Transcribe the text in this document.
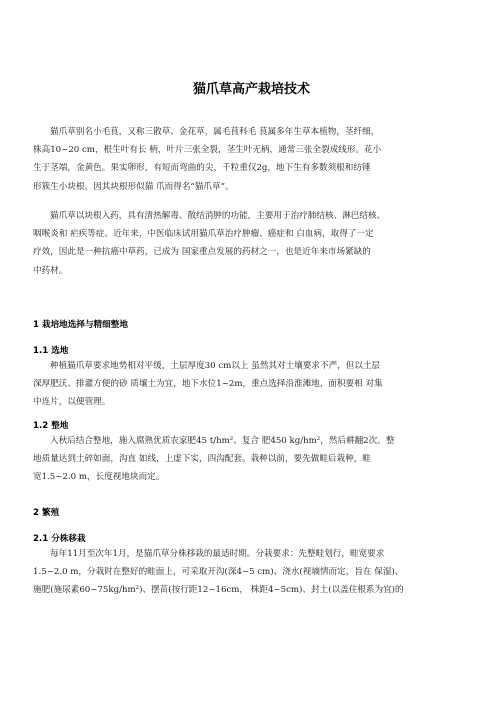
猫爪草高产栽培技术
猫爪草别名小毛茛，又称三散草、金花草，属毛茛科毛 茛属多年生草本植物，茎纤细，
株高10~20 cm，根生叶有长 柄，叶片三张全裂，茎生叶无柄，通常三张全裂成线形。花小
生于茎端，金黄色。果实卵形，有短而弯曲的尖，千粒重仅2g，地下生有多数须根和纺锤
形簇生小块根，因其块根形似猫 爪而得名“猫爪草”。
猫爪草以块根入药，具有清热解毒、散结消肿的功能，主要用于治疗肺结核、淋巴结核、
咽喉炎和 疟疾等症。近年来，中医临床试用猫爪草治疗肿瘤、癌症和 白血病，取得了一定
疗效，因此是一种抗癌中草药，已成为 国家重点发展的药材之一，也是近年来市场紧缺的
中药材。
1 栽培地选择与精细整地
1.1 选地
种植猫爪草要求地势相对平缓，土层厚度30 cm以上 虽然其对土壤要求不严，但以土层
深厚肥沃、排灌方便的砂 质壤土为宜，地下水位1~2m，重点选择沿淮滩地，面积要相 对集
中连片，以便管理。
1.2 整地
入秋后结合整地，施入腐熟优质农家肥45 t/hm²、复合 肥450 kg/hm²，然后耕翻2次。整
地质量达到土碎如面，沟直 如线，上虚下实，四沟配套。栽种以前，要先做畦后栽种，畦
宽1.5~2.0 m，长度视地块而定。
2 繁殖
2.1 分株移栽
每年11月至次年1月，是猫爪草分株移栽的最适时期。分栽要求：先整畦划行，畦宽要求
1.5~2.0 m，分栽时在整好的畦面上，可采取开沟(深4~5 cm)、浇水(视墒情而定，旨在 保湿)、
施肥(施尿素60~75kg/hm²)、摆苗(按行距12~16cm， 株距4~5cm)、封土(以盖住根系为宜)的
